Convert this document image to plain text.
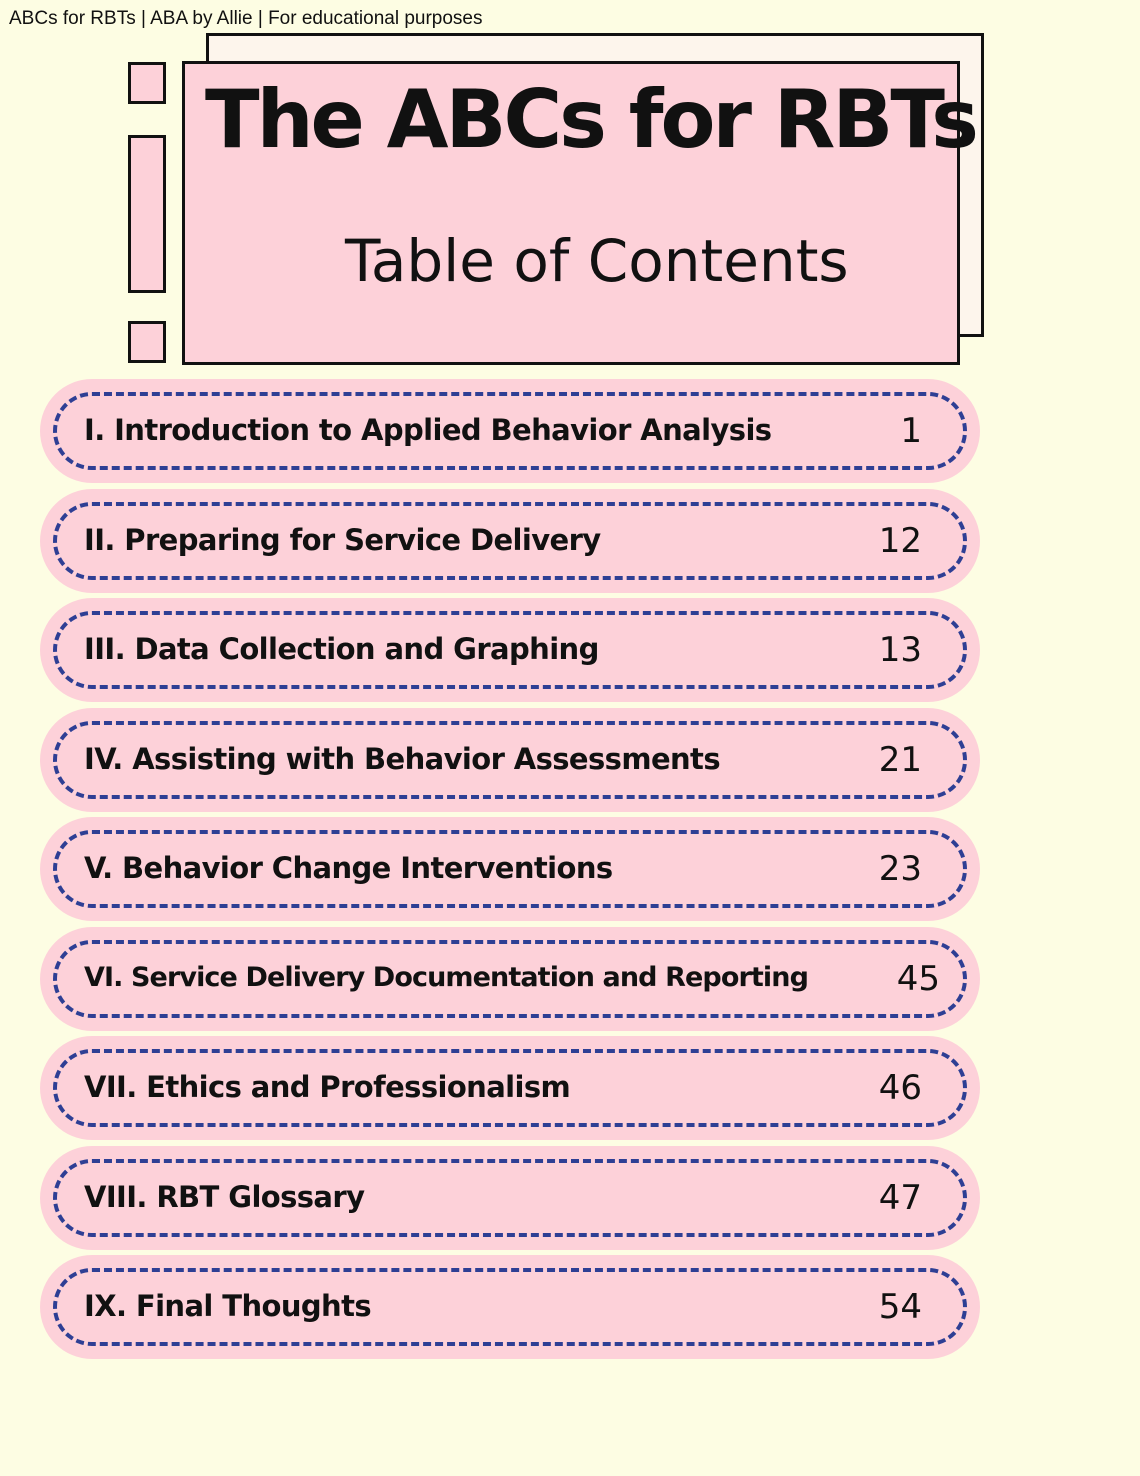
ABCs for RBTs | ABA by Allie | For educational purposes
The ABCs for RBTs
Table of Contents
I. Introduction to Applied Behavior Analysis	1
II. Preparing for Service Delivery	12
III. Data Collection and Graphing	13
IV. Assisting with Behavior Assessments	21
V. Behavior Change Interventions	23
VI. Service Delivery Documentation and Reporting	45
VII. Ethics and Professionalism	46
VIII. RBT Glossary	47
IX. Final Thoughts	54
